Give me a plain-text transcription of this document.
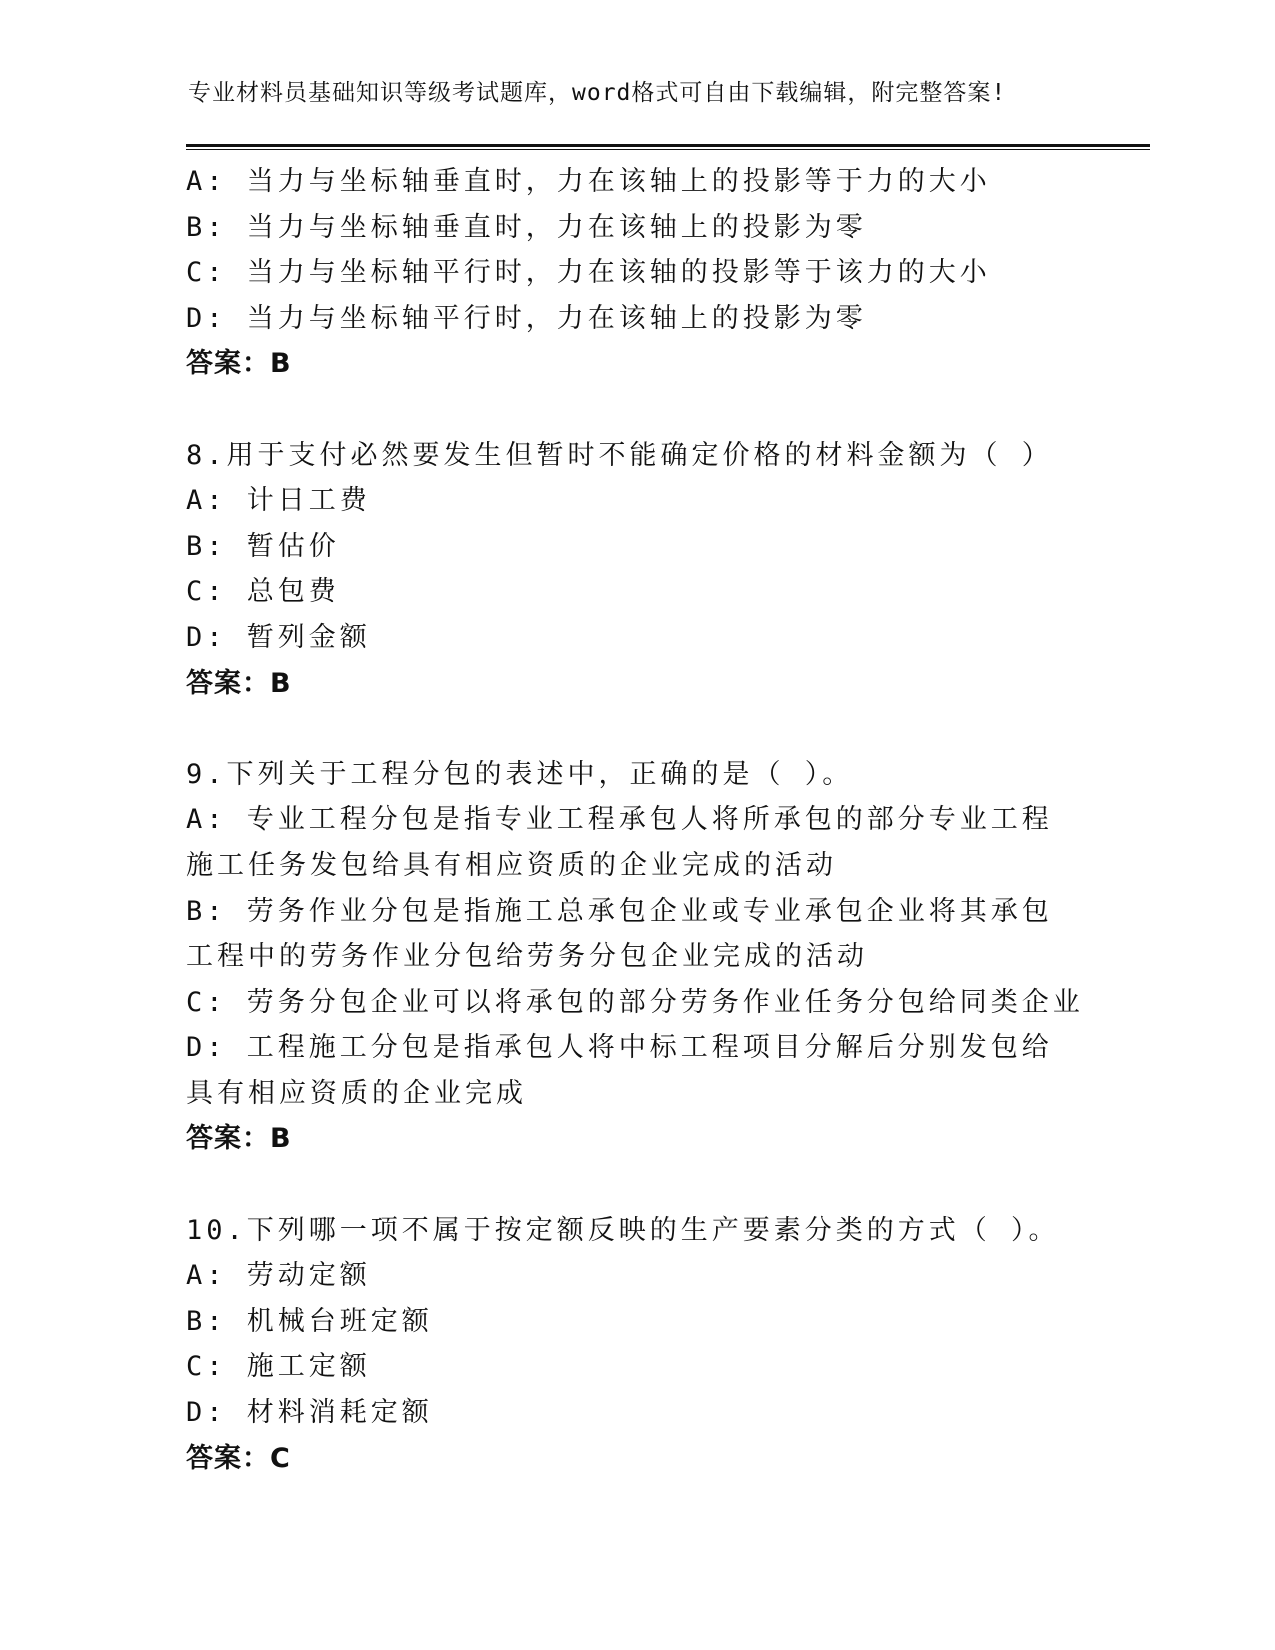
专业材料员基础知识等级考试题库，word格式可自由下载编辑，附完整答案!
A: 当力与坐标轴垂直时，力在该轴上的投影等于力的大小
B: 当力与坐标轴垂直时，力在该轴上的投影为零
C: 当力与坐标轴平行时，力在该轴的投影等于该力的大小
D: 当力与坐标轴平行时，力在该轴上的投影为零
答案：B
8.用于支付必然要发生但暂时不能确定价格的材料金额为（ ）
A: 计日工费
B: 暂估价
C: 总包费
D: 暂列金额
答案：B
9.下列关于工程分包的表述中，正确的是（ ）。
A: 专业工程分包是指专业工程承包人将所承包的部分专业工程施工任务发包给具有相应资质的企业完成的活动
B: 劳务作业分包是指施工总承包企业或专业承包企业将其承包工程中的劳务作业分包给劳务分包企业完成的活动
C: 劳务分包企业可以将承包的部分劳务作业任务分包给同类企业
D: 工程施工分包是指承包人将中标工程项目分解后分别发包给具有相应资质的企业完成
答案：B
10.下列哪一项不属于按定额反映的生产要素分类的方式（ ）。
A: 劳动定额
B: 机械台班定额
C: 施工定额
D: 材料消耗定额
答案：C
